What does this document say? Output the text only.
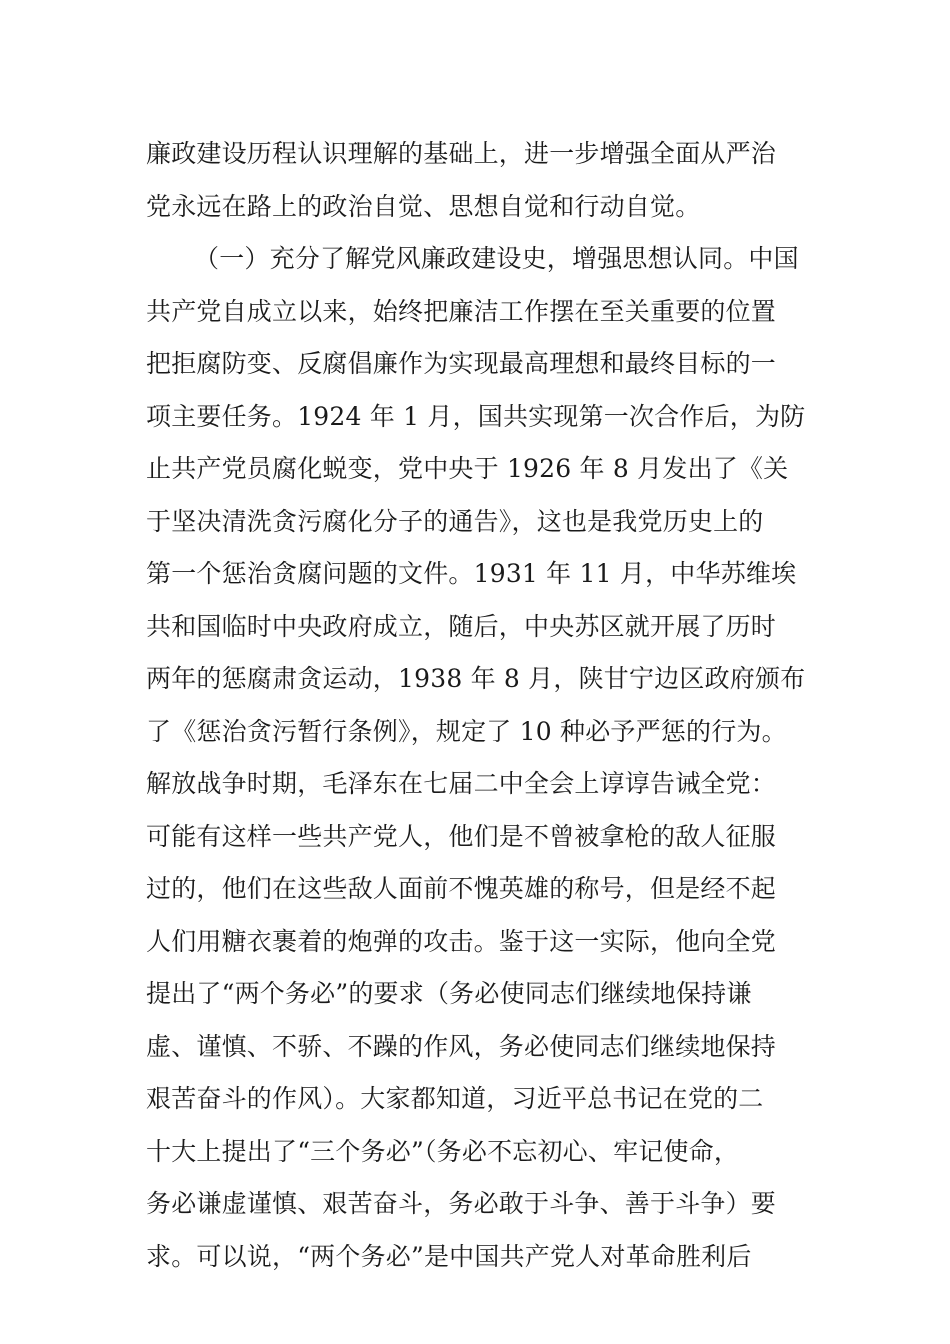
廉政建设历程认识理解的基础上，进一步增强全面从严治
党永远在路上的政治自觉、思想自觉和行动自觉。
（一）充分了解党风廉政建设史，增强思想认同。中国
共产党自成立以来，始终把廉洁工作摆在至关重要的位置
把拒腐防变、反腐倡廉作为实现最高理想和最终目标的一
项主要任务。1924 年 1 月，国共实现第一次合作后，为防
止共产党员腐化蜕变，党中央于 1926 年 8 月发出了《关
于坚决清洗贪污腐化分子的通告》，这也是我党历史上的
第一个惩治贪腐问题的文件。1931 年 11 月，中华苏维埃
共和国临时中央政府成立，随后，中央苏区就开展了历时
两年的惩腐肃贪运动，1938 年 8 月，陕甘宁边区政府颁布
了《惩治贪污暂行条例》，规定了 10 种必予严惩的行为。
解放战争时期，毛泽东在七届二中全会上谆谆告诫全党：
可能有这样一些共产党人，他们是不曾被拿枪的敌人征服
过的，他们在这些敌人面前不愧英雄的称号，但是经不起
人们用糖衣裹着的炮弹的攻击。鉴于这一实际，他向全党
提出了“两个务必”的要求（务必使同志们继续地保持谦
虚、谨慎、不骄、不躁的作风，务必使同志们继续地保持
艰苦奋斗的作风）。大家都知道，习近平总书记在党的二
十大上提出了“三个务必”（务必不忘初心、牢记使命，
务必谦虚谨慎、艰苦奋斗，务必敢于斗争、善于斗争）要
求。可以说，“两个务必”是中国共产党人对革命胜利后
